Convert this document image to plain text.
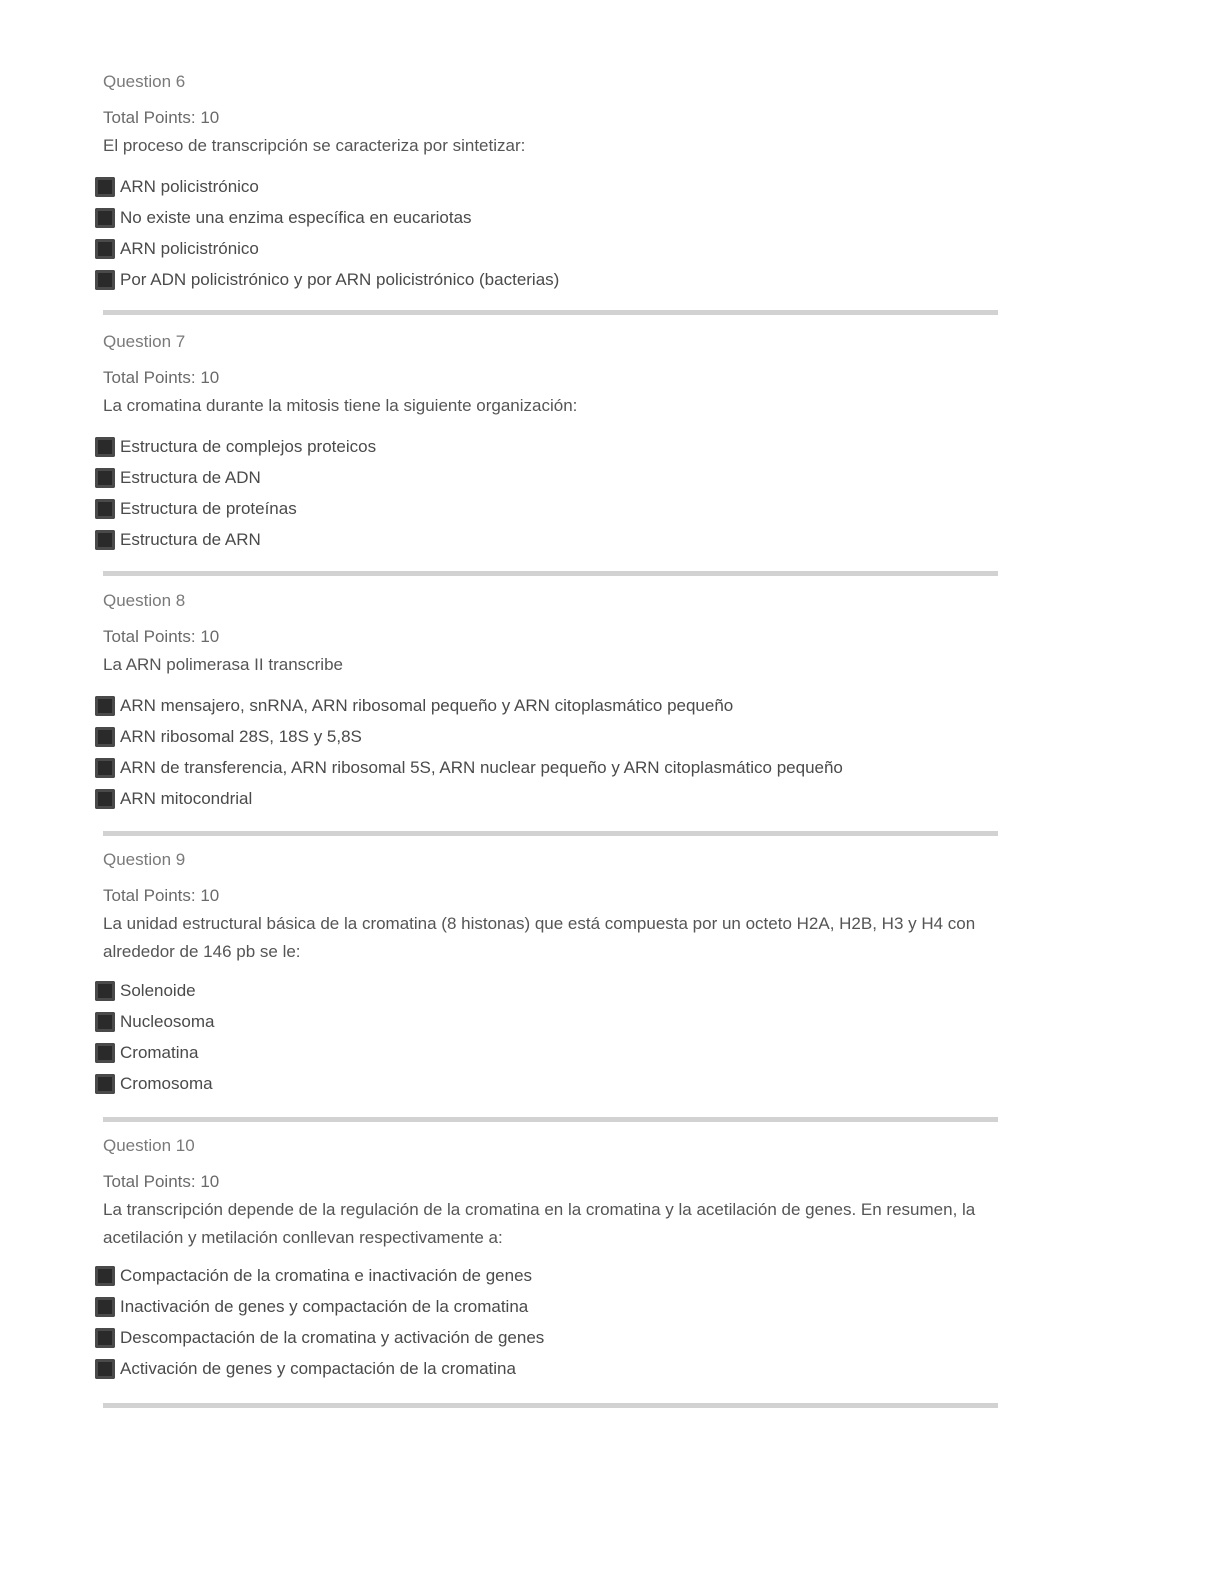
Question 6
Total Points: 10
El proceso de transcripción se caracteriza por sintetizar:
ARN policistrónico
No existe una enzima específica en eucariotas
ARN policistrónico
Por ADN policistrónico y por ARN policistrónico (bacterias)
Question 7
Total Points: 10
La cromatina durante la mitosis tiene la siguiente organización:
Estructura de complejos proteicos
Estructura de ADN
Estructura de proteínas
Estructura de ARN
Question 8
Total Points: 10
La ARN polimerasa II transcribe
ARN mensajero, snRNA, ARN ribosomal pequeño y ARN citoplasmático pequeño
ARN ribosomal 28S, 18S y 5,8S
ARN de transferencia, ARN ribosomal 5S, ARN nuclear pequeño y ARN citoplasmático pequeño
ARN mitocondrial
Question 9
Total Points: 10
La unidad estructural básica de la cromatina (8 histonas) que está compuesta por un octeto H2A, H2B, H3 y H4 con alrededor de 146 pb se le:
Solenoide
Nucleosoma
Cromatina
Cromosoma
Question 10
Total Points: 10
La transcripción depende de la regulación de la cromatina en la cromatina y la acetilación de genes. En resumen, la acetilación y metilación conllevan respectivamente a:
Compactación de la cromatina e inactivación de genes
Inactivación de genes y compactación de la cromatina
Descompactación de la cromatina y activación de genes
Activación de genes y compactación de la cromatina
